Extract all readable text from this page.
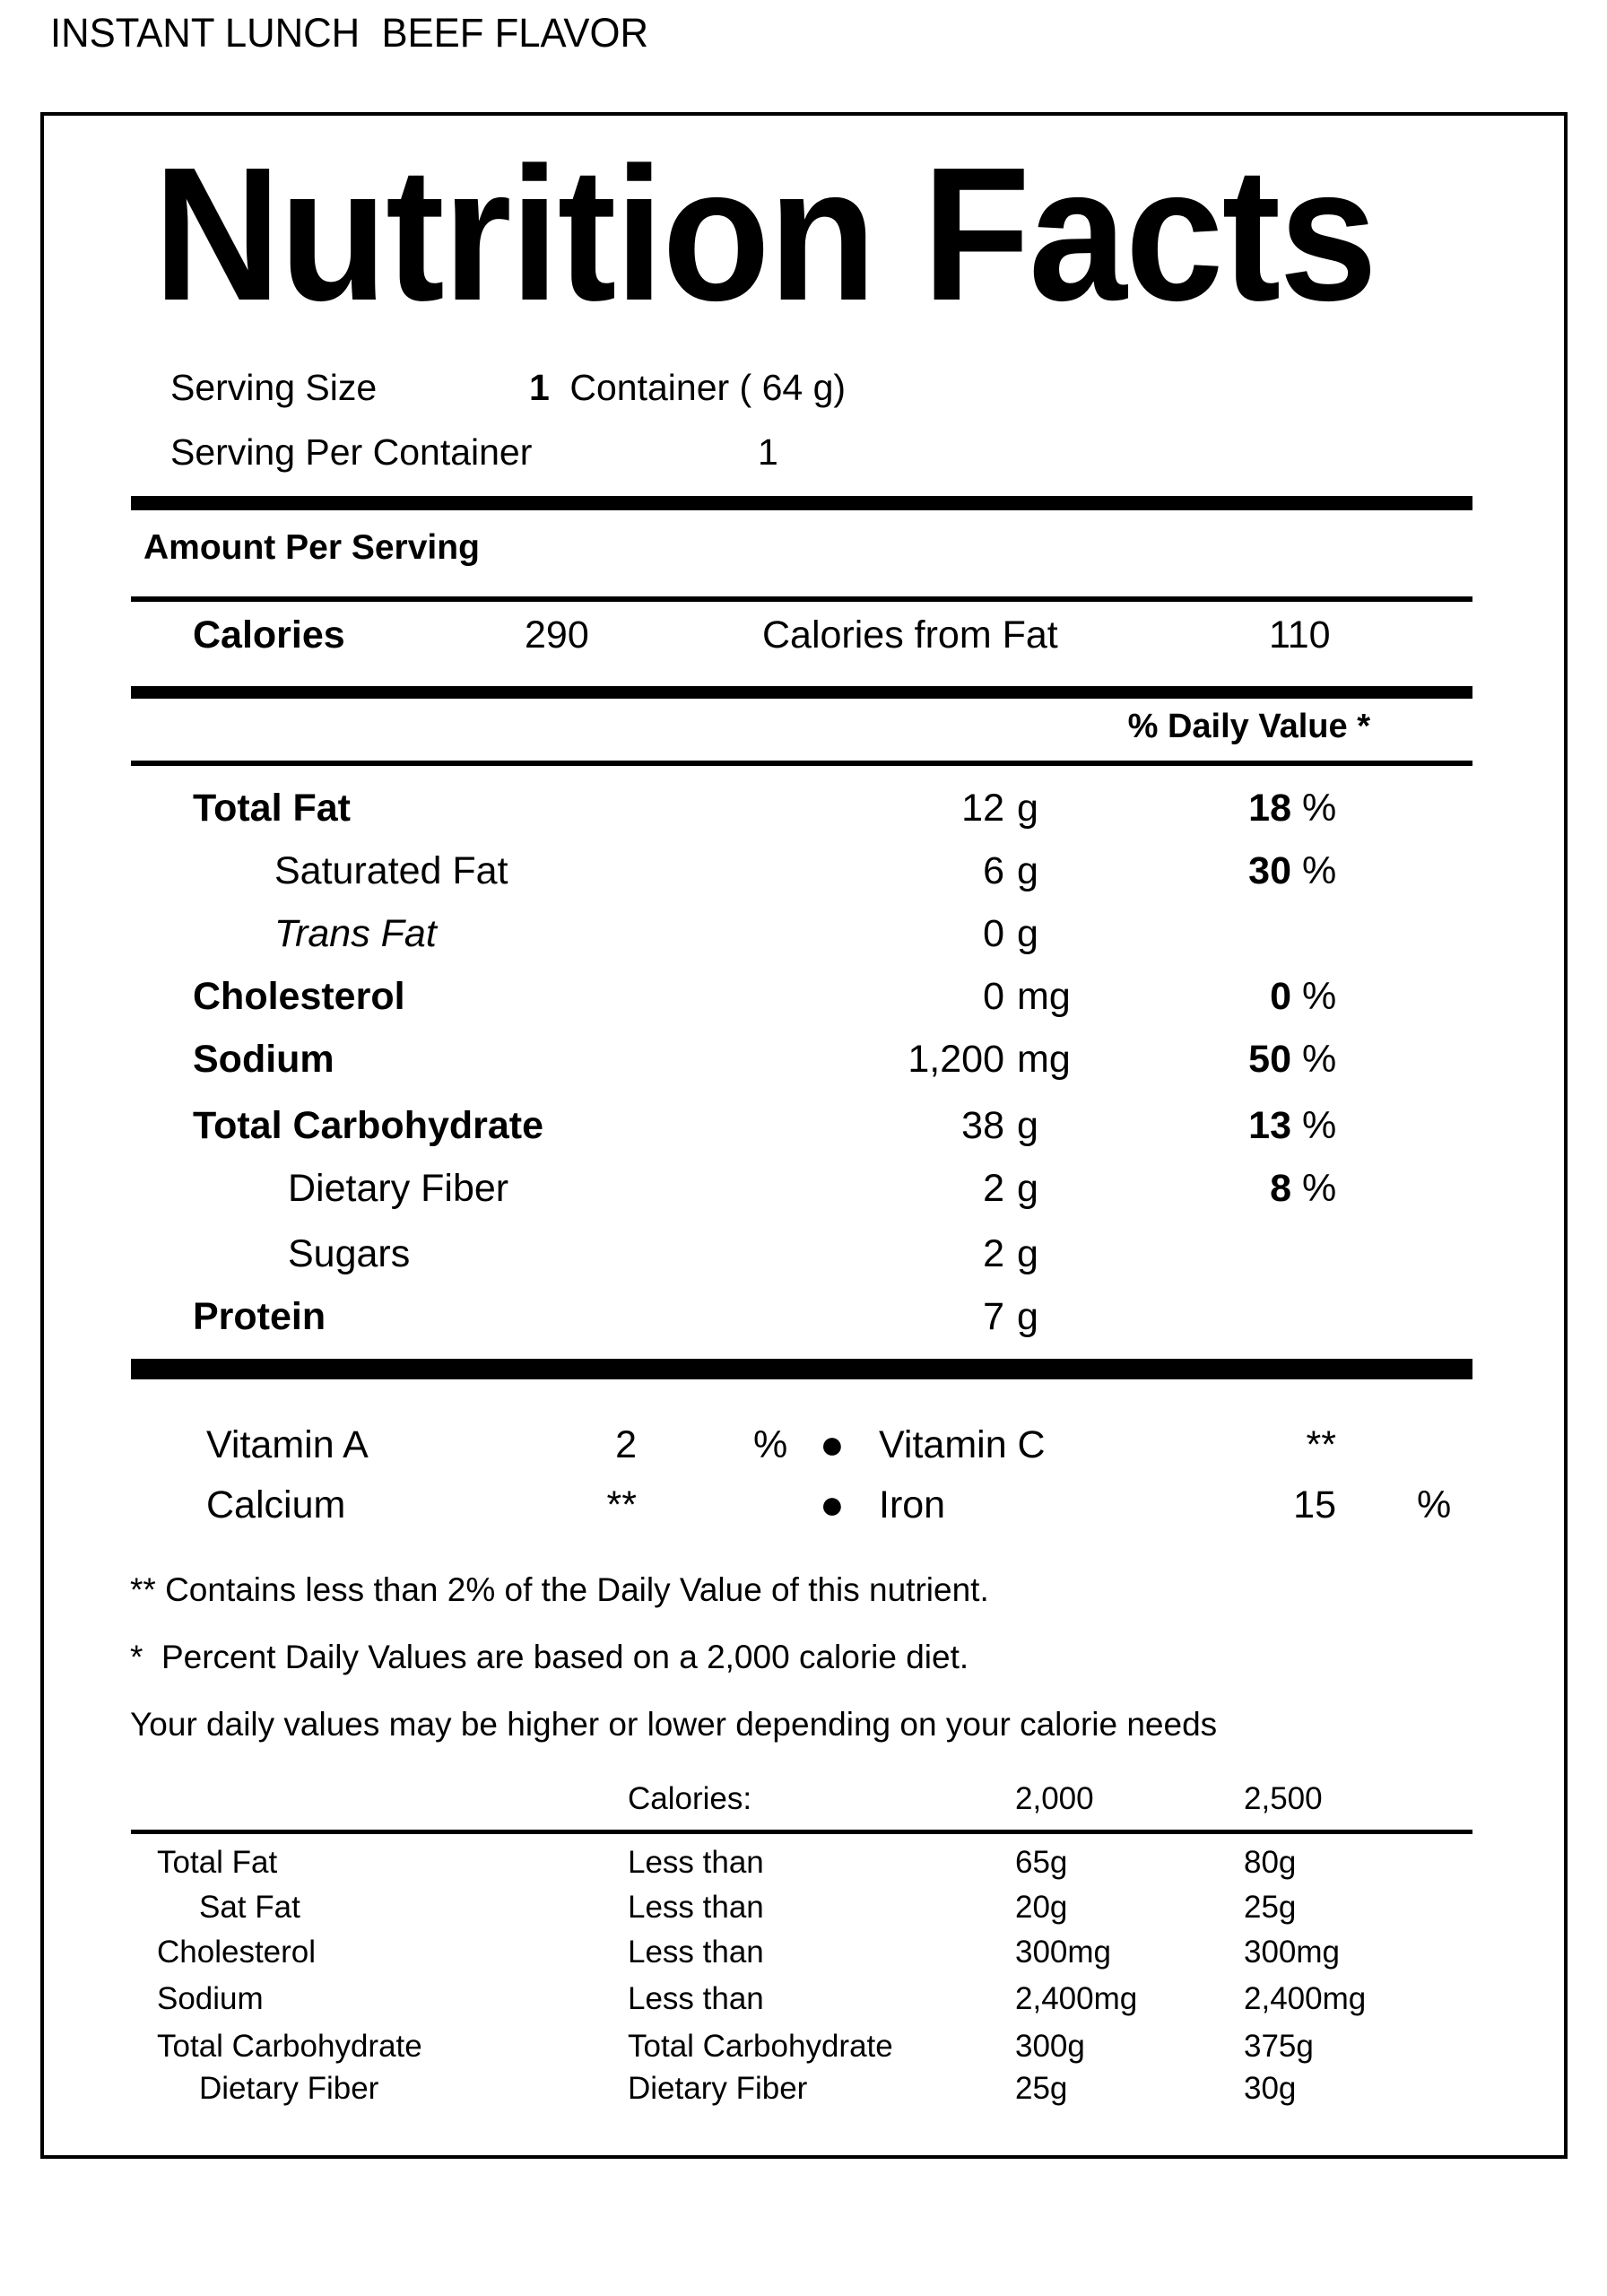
INSTANT LUNCH  BEEF FLAVOR
Nutrition Facts
Serving Size	1 Container ( 64 g)
Serving Per Container	1
Amount Per Serving
Calories	290	Calories from Fat	110
% Daily Value *
Total Fat	12 g	18 %
Saturated Fat	6 g	30 %
Trans Fat	0 g
Cholesterol	0 mg	0 %
Sodium	1,200 mg	50 %
Total Carbohydrate	38 g	13 %
Dietary Fiber	2 g	8 %
Sugars	2 g
Protein	7 g
Vitamin A	2	% ● Vitamin C	**
Calcium	**	● Iron	15 %
** Contains less than 2% of the Daily Value of this nutrient.
*  Percent Daily Values are based on a 2,000 calorie diet.
Your daily values may be higher or lower depending on your calorie needs
Calories:	2,000	2,500
Total Fat	Less than	65g	80g
Sat Fat	Less than	20g	25g
Cholesterol	Less than	300mg	300mg
Sodium	Less than	2,400mg	2,400mg
Total Carbohydrate	Total Carbohydrate	300g	375g
Dietary Fiber	Dietary Fiber	25g	30g
